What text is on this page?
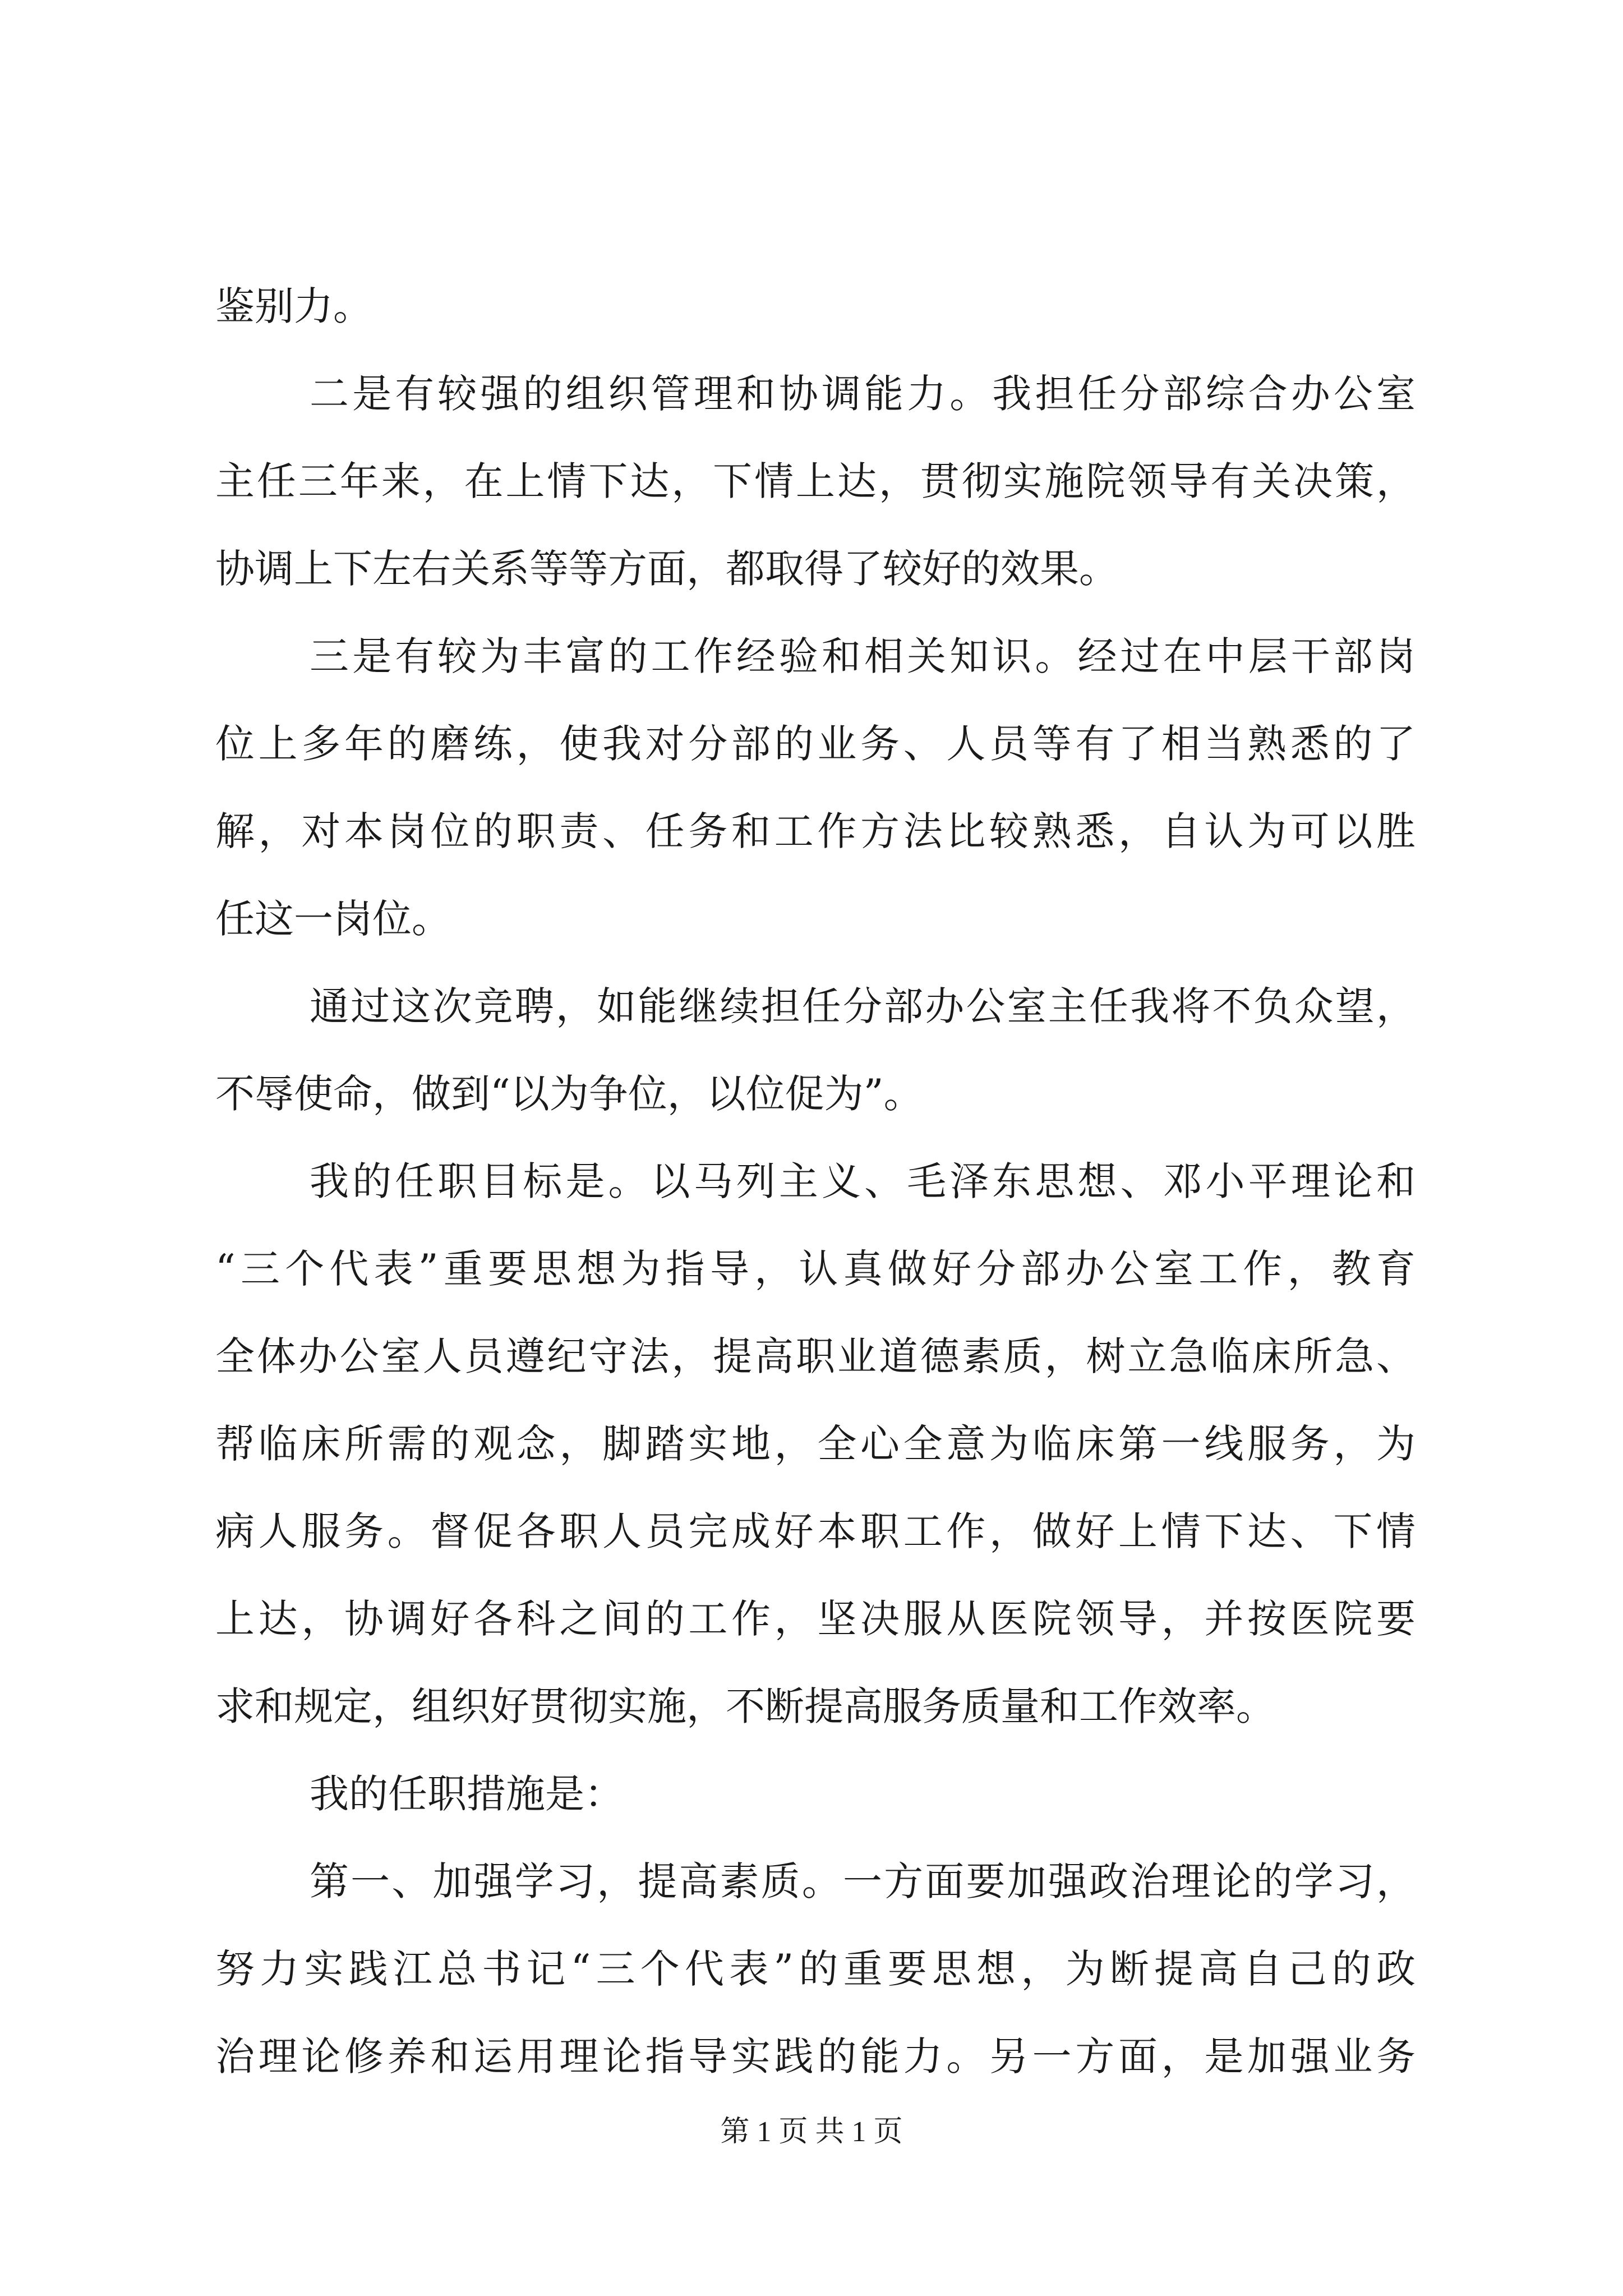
鉴别力。
二是有较强的组织管理和协调能力。我担任分部综合办公室
主任三年来，在上情下达，下情上达，贯彻实施院领导有关决策，
协调上下左右关系等等方面，都取得了较好的效果。
三是有较为丰富的工作经验和相关知识。经过在中层干部岗
位上多年的磨练，使我对分部的业务、人员等有了相当熟悉的了
解，对本岗位的职责、任务和工作方法比较熟悉，自认为可以胜
任这一岗位。
通过这次竞聘，如能继续担任分部办公室主任我将不负众望，
不辱使命，做到“以为争位，以位促为”。
我的任职目标是。以马列主义、毛泽东思想、邓小平理论和
“三个代表”重要思想为指导，认真做好分部办公室工作，教育
全体办公室人员遵纪守法，提高职业道德素质，树立急临床所急、
帮临床所需的观念，脚踏实地，全心全意为临床第一线服务，为
病人服务。督促各职人员完成好本职工作，做好上情下达、下情
上达，协调好各科之间的工作，坚决服从医院领导，并按医院要
求和规定，组织好贯彻实施，不断提高服务质量和工作效率。
我的任职措施是：
第一、加强学习，提高素质。一方面要加强政治理论的学习，
努力实践江总书记“三个代表”的重要思想，为断提高自己的政
治理论修养和运用理论指导实践的能力。另一方面，是加强业务
第 1 页 共 1 页
